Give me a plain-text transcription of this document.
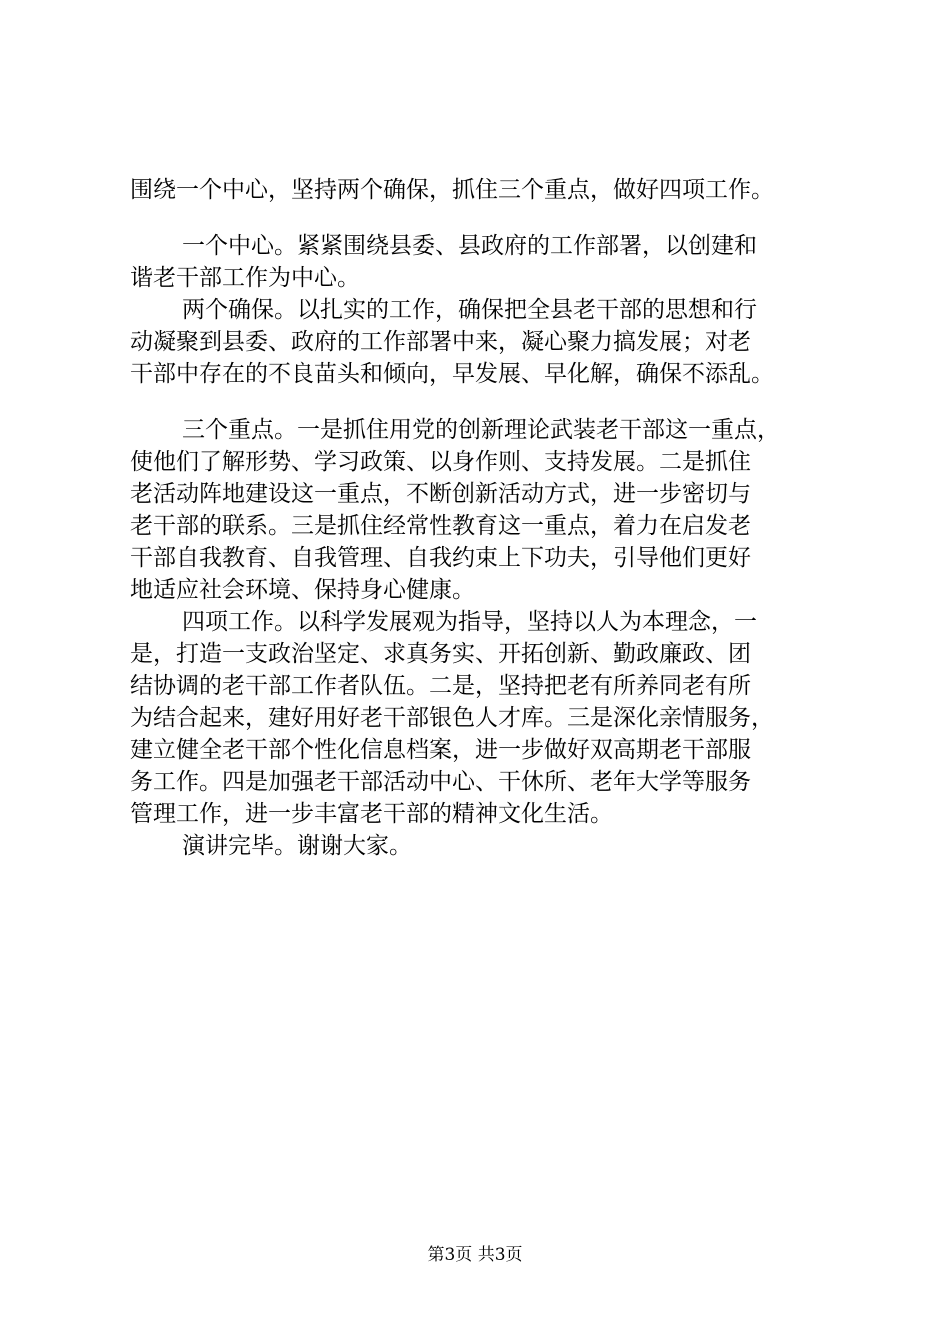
围绕一个中心，坚持两个确保，抓住三个重点，做好四项工作。
一个中心。紧紧围绕县委、县政府的工作部署，以创建和
谐老干部工作为中心。
两个确保。以扎实的工作，确保把全县老干部的思想和行
动凝聚到县委、政府的工作部署中来，凝心聚力搞发展；对老
干部中存在的不良苗头和倾向，早发展、早化解，确保不添乱。
三个重点。一是抓住用党的创新理论武装老干部这一重点，
使他们了解形势、学习政策、以身作则、支持发展。二是抓住
老活动阵地建设这一重点，不断创新活动方式，进一步密切与
老干部的联系。三是抓住经常性教育这一重点，着力在启发老
干部自我教育、自我管理、自我约束上下功夫，引导他们更好
地适应社会环境、保持身心健康。
四项工作。以科学发展观为指导，坚持以人为本理念，一
是，打造一支政治坚定、求真务实、开拓创新、勤政廉政、团
结协调的老干部工作者队伍。二是，坚持把老有所养同老有所
为结合起来，建好用好老干部银色人才库。三是深化亲情服务，
建立健全老干部个性化信息档案，进一步做好双高期老干部服
务工作。四是加强老干部活动中心、干休所、老年大学等服务
管理工作，进一步丰富老干部的精神文化生活。
演讲完毕。谢谢大家。
第3页 共3页
